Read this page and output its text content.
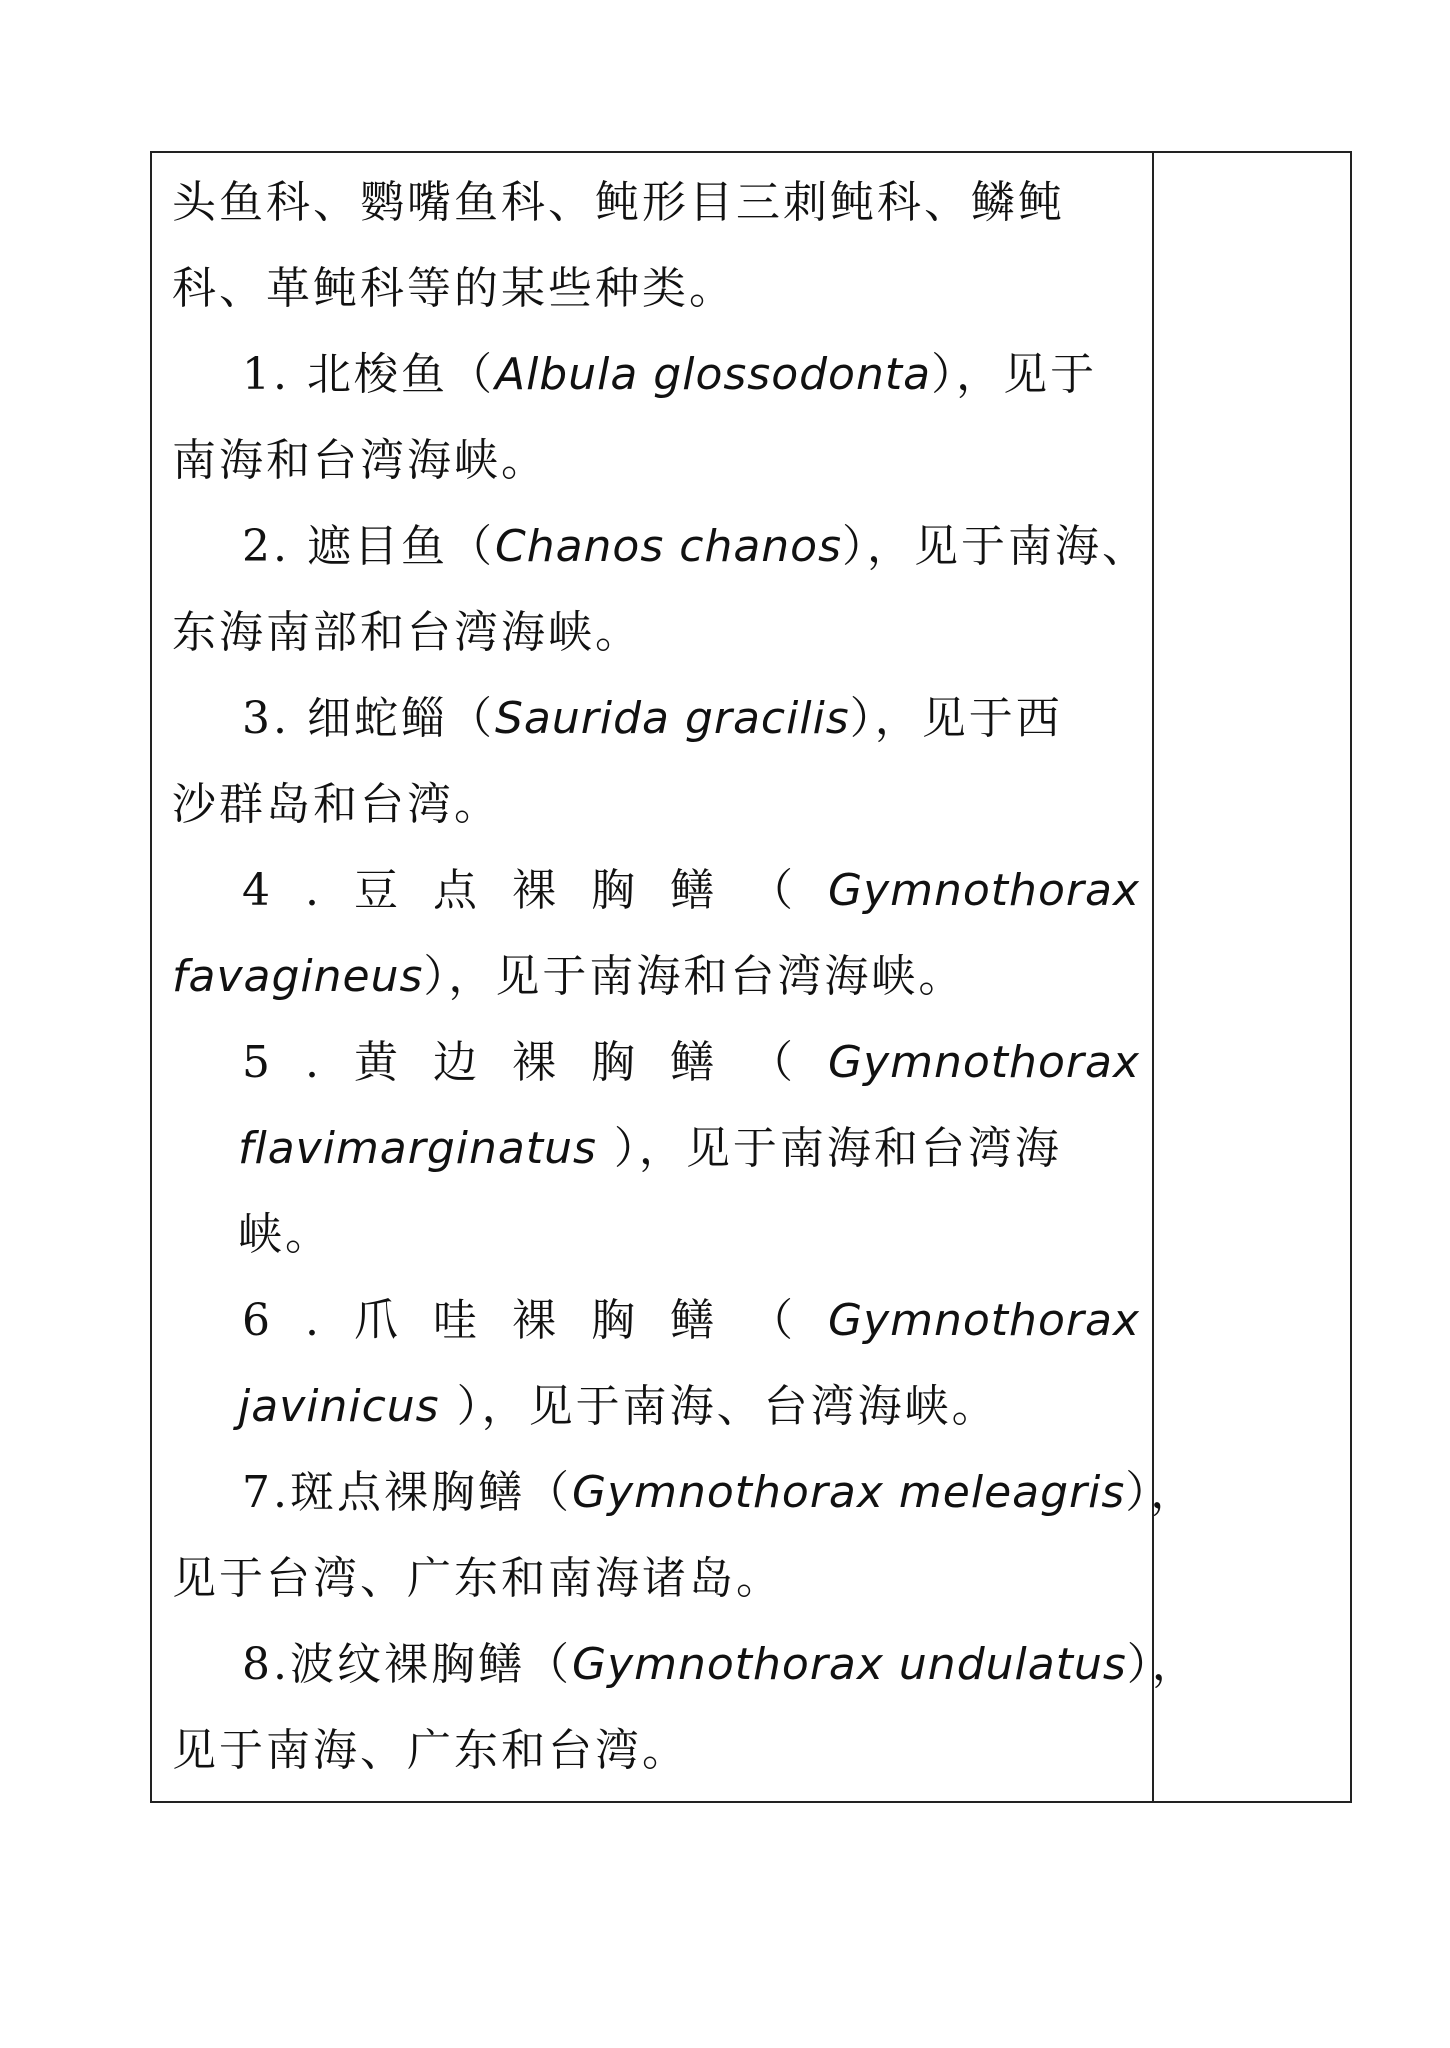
头鱼科、鹦嘴鱼科、鲀形目三刺鲀科、鳞鲀
科、革鲀科等的某些种类。
1. 北梭鱼（Albula glossodonta），见于
南海和台湾海峡。
2. 遮目鱼（Chanos chanos），见于南海、
东海南部和台湾海峡。
3. 细蛇鲻（Saurida gracilis），见于西
沙群岛和台湾。
4 . 豆 点 裸 胸 鳝 （ Gymnothorax
favagineus），见于南海和台湾海峡。
5 . 黄 边 裸 胸 鳝 （ Gymnothorax
flavimarginatus ），见于南海和台湾海
峡。
6 . 爪 哇 裸 胸 鳝 （ Gymnothorax
javinicus ），见于南海、台湾海峡。
7.斑点裸胸鳝（Gymnothorax meleagris），
见于台湾、广东和南海诸岛。
8.波纹裸胸鳝（Gymnothorax undulatus），
见于南海、广东和台湾。
